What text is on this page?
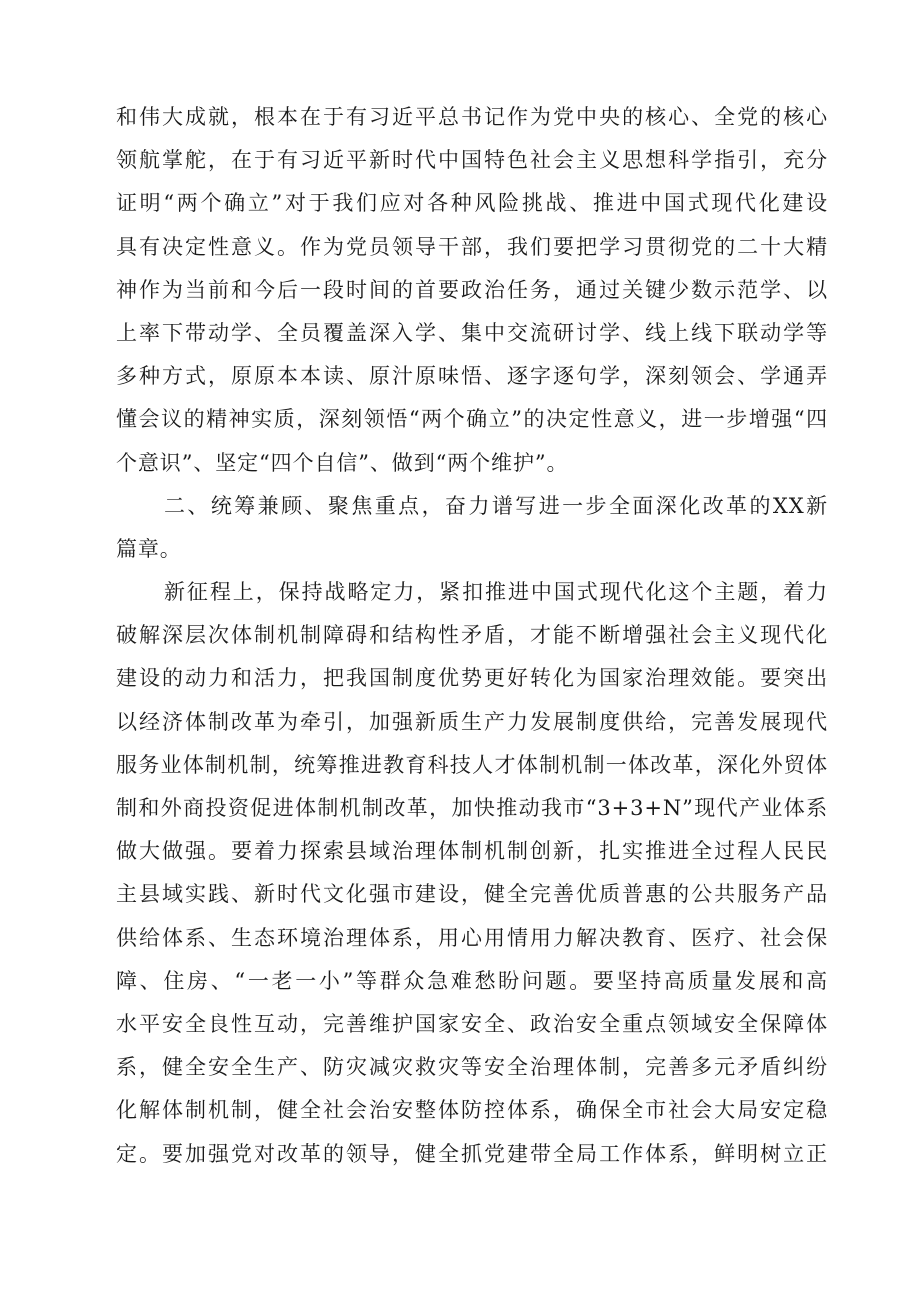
和伟大成就，根本在于有习近平总书记作为党中央的核心、全党的核心
领航掌舵，在于有习近平新时代中国特色社会主义思想科学指引，充分
证明“两个确立”对于我们应对各种风险挑战、推进中国式现代化建设
具有决定性意义。作为党员领导干部，我们要把学习贯彻党的二十大精
神作为当前和今后一段时间的首要政治任务，通过关键少数示范学、以
上率下带动学、全员覆盖深入学、集中交流研讨学、线上线下联动学等
多种方式，原原本本读、原汁原味悟、逐字逐句学，深刻领会、学通弄
懂会议的精神实质，深刻领悟“两个确立”的决定性意义，进一步增强“四
个意识”、坚定“四个自信”、做到“两个维护”。
二、统筹兼顾、聚焦重点，奋力谱写进一步全面深化改革的XX新
篇章。
新征程上，保持战略定力，紧扣推进中国式现代化这个主题，着力
破解深层次体制机制障碍和结构性矛盾，才能不断增强社会主义现代化
建设的动力和活力，把我国制度优势更好转化为国家治理效能。要突出
以经济体制改革为牵引，加强新质生产力发展制度供给，完善发展现代
服务业体制机制，统筹推进教育科技人才体制机制一体改革，深化外贸体
制和外商投资促进体制机制改革，加快推动我市“3+3+N”现代产业体系
做大做强。要着力探索县域治理体制机制创新，扎实推进全过程人民民
主县域实践、新时代文化强市建设，健全完善优质普惠的公共服务产品
供给体系、生态环境治理体系，用心用情用力解决教育、医疗、社会保
障、住房、“一老一小”等群众急难愁盼问题。要坚持高质量发展和高
水平安全良性互动，完善维护国家安全、政治安全重点领域安全保障体
系，健全安全生产、防灾减灾救灾等安全治理体制，完善多元矛盾纠纷
化解体制机制，健全社会治安整体防控体系，确保全市社会大局安定稳
定。要加强党对改革的领导，健全抓党建带全局工作体系，鲜明树立正
